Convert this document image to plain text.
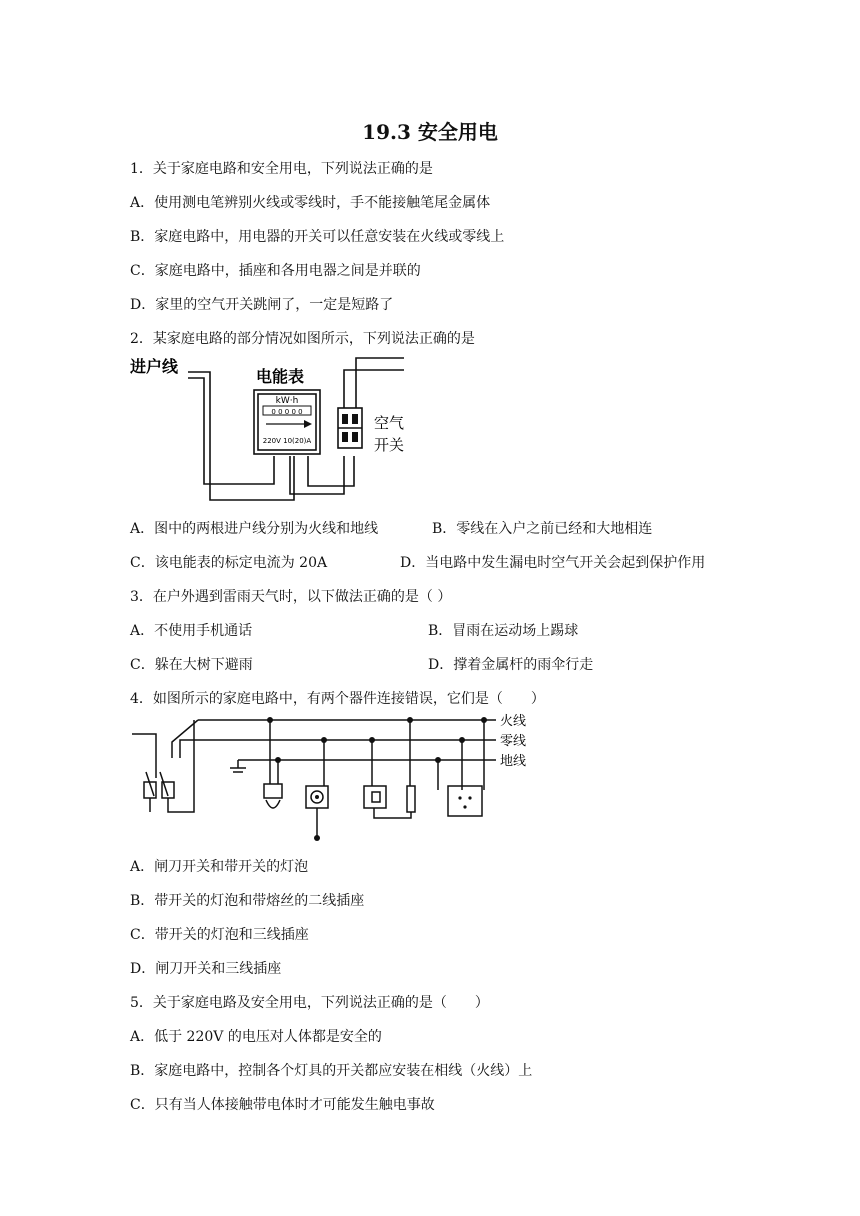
19.3 安全用电
1．关于家庭电路和安全用电，下列说法正确的是
A．使用测电笔辨别火线或零线时，手不能接触笔尾金属体
B．家庭电路中，用电器的开关可以任意安装在火线或零线上
C．家庭电路中，插座和各用电器之间是并联的
D．家里的空气开关跳闸了，一定是短路了
2．某家庭电路的部分情况如图所示，下列说法正确的是
进户线
电能表
kW·h
0 0 0 0 0
220V 10(20)A
空气
开关
A．图中的两根进户线分别为火线和地线	B．零线在入户之前已经和大地相连
C．该电能表的标定电流为 20A	D．当电路中发生漏电时空气开关会起到保护作用
3．在户外遇到雷雨天气时，以下做法正确的是（ ）
A．不使用手机通话	B．冒雨在运动场上踢球
C．躲在大树下避雨	D．撑着金属杆的雨伞行走
4．如图所示的家庭电路中，有两个器件连接错误，它们是（　　）
火线
零线
地线
A．闸刀开关和带开关的灯泡
B．带开关的灯泡和带熔丝的二线插座
C．带开关的灯泡和三线插座
D．闸刀开关和三线插座
5．关于家庭电路及安全用电，下列说法正确的是（　　）
A．低于 220V 的电压对人体都是安全的
B．家庭电路中，控制各个灯具的开关都应安装在相线（火线）上
C．只有当人体接触带电体时才可能发生触电事故
